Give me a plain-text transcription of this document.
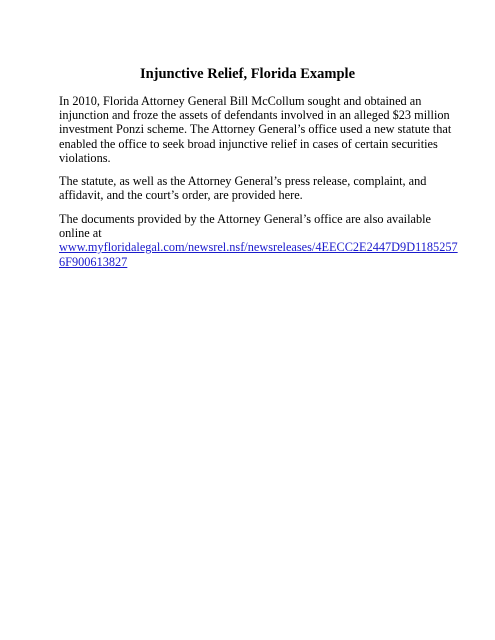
Injunctive Relief, Florida Example

In 2010, Florida Attorney General Bill McCollum sought and obtained an injunction and froze the assets of defendants involved in an alleged $23 million investment Ponzi scheme. The Attorney General’s office used a new statute that enabled the office to seek broad injunctive relief in cases of certain securities violations.

The statute, as well as the Attorney General’s press release, complaint, and affidavit, and the court’s order, are provided here.

The documents provided by the Attorney General’s office are also available online at
www.myfloridalegal.com/newsrel.nsf/newsreleases/4EECC2E2447D9D11852576F900613827
